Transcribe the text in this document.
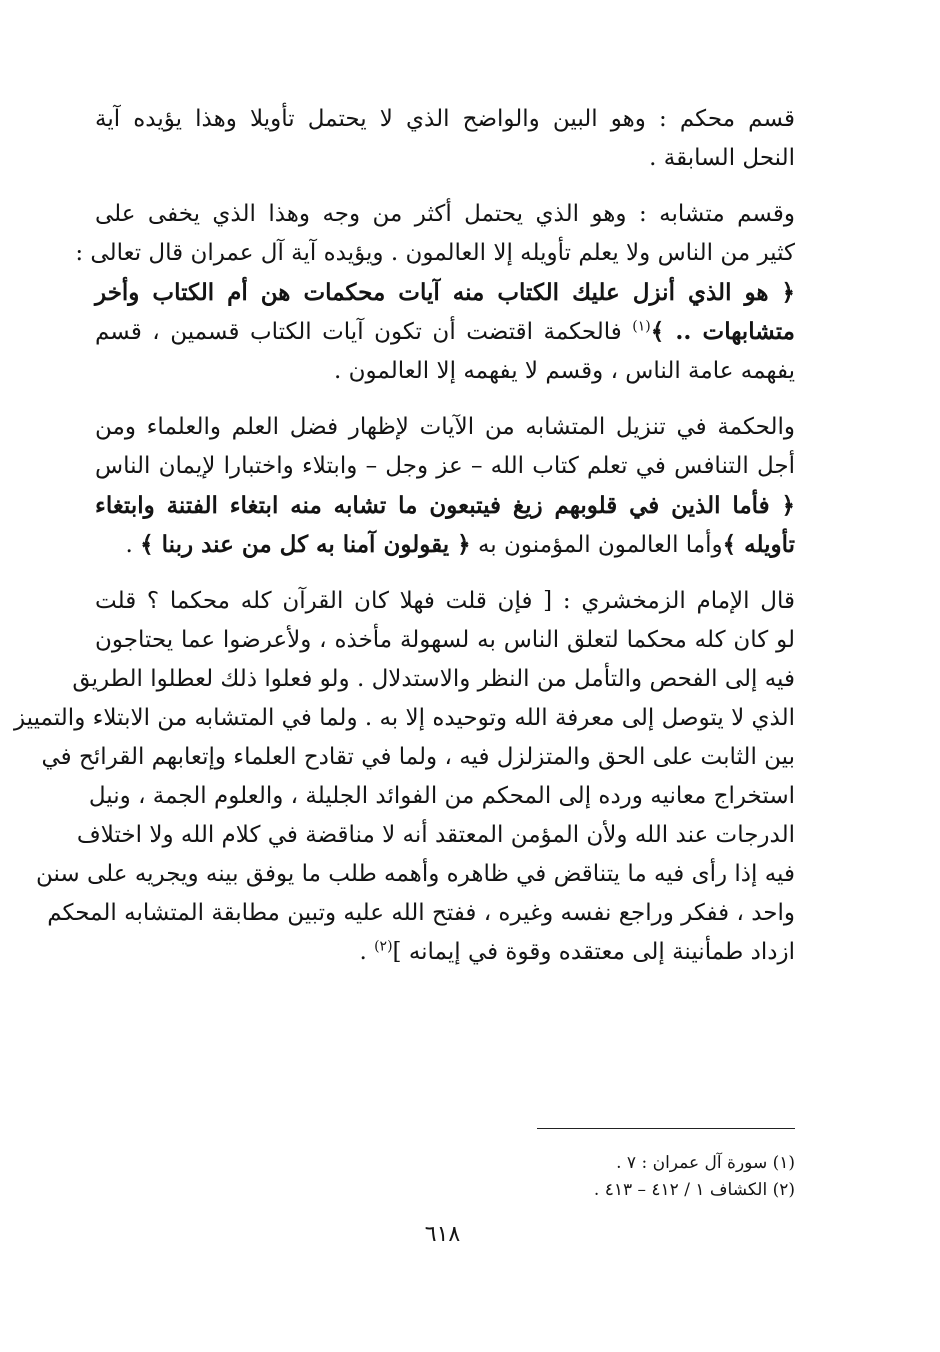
قسم محكم : وهو البين والواضح الذي لا يحتمل تأويلا وهذا يؤيده آية
النحل السابقة .
وقسم متشابه : وهو الذي يحتمل أكثر من وجه وهذا الذي يخفى على
كثير من الناس ولا يعلم تأويله إلا العالمون . ويؤيده آية آل عمران قال تعالى :
﴿ هو الذي أنزل عليك الكتاب منه آيات محكمات هن أم الكتاب وأخر
متشابهات .. ﴾$^{(١)}$ فالحكمة اقتضت أن تكون آيات الكتاب قسمين ، قسم
يفهمه عامة الناس ، وقسم لا يفهمه إلا العالمون .
والحكمة في تنزيل المتشابه من الآيات لإظهار فضل العلم والعلماء ومن
أجل التنافس في تعلم كتاب الله – عز وجل – وابتلاء واختبارا لإيمان الناس
﴿ فأما الذين في قلوبهم زيغ فيتبعون ما تشابه منه ابتغاء الفتنة وابتغاء
تأويله ﴾وأما العالمون المؤمنون به ﴿ يقولون آمنا به كل من عند ربنا ﴾ .
قال الإمام الزمخشري : [ فإن قلت فهلا كان القرآن كله محكما ؟ قلت
لو كان كله محكما لتعلق الناس به لسهولة مأخذه ، ولأعرضوا عما يحتاجون
فيه إلى الفحص والتأمل من النظر والاستدلال . ولو فعلوا ذلك لعطلوا الطريق
الذي لا يتوصل إلى معرفة الله وتوحيده إلا به . ولما في المتشابه من الابتلاء والتمييز
بين الثابت على الحق والمتزلزل فيه ، ولما في تقادح العلماء وإتعابهم القرائح في
استخراج معانيه ورده إلى المحكم من الفوائد الجليلة ، والعلوم الجمة ، ونيل
الدرجات عند الله ولأن المؤمن المعتقد أنه لا مناقضة في كلام الله ولا اختلاف
فيه إذا رأى فيه ما يتناقض في ظاهره وأهمه طلب ما يوفق بينه ويجريه على سنن
واحد ، ففكر وراجع نفسه وغيره ، ففتح الله عليه وتبين مطابقة المتشابه المحكم
ازداد طمأنينة إلى معتقده وقوة في إيمانه ]$^{(٢)}$ .
(١) سورة آل عمران : ٧ .
(٢) الكشاف ١ / ٤١٢ – ٤١٣ .
٦١٨
